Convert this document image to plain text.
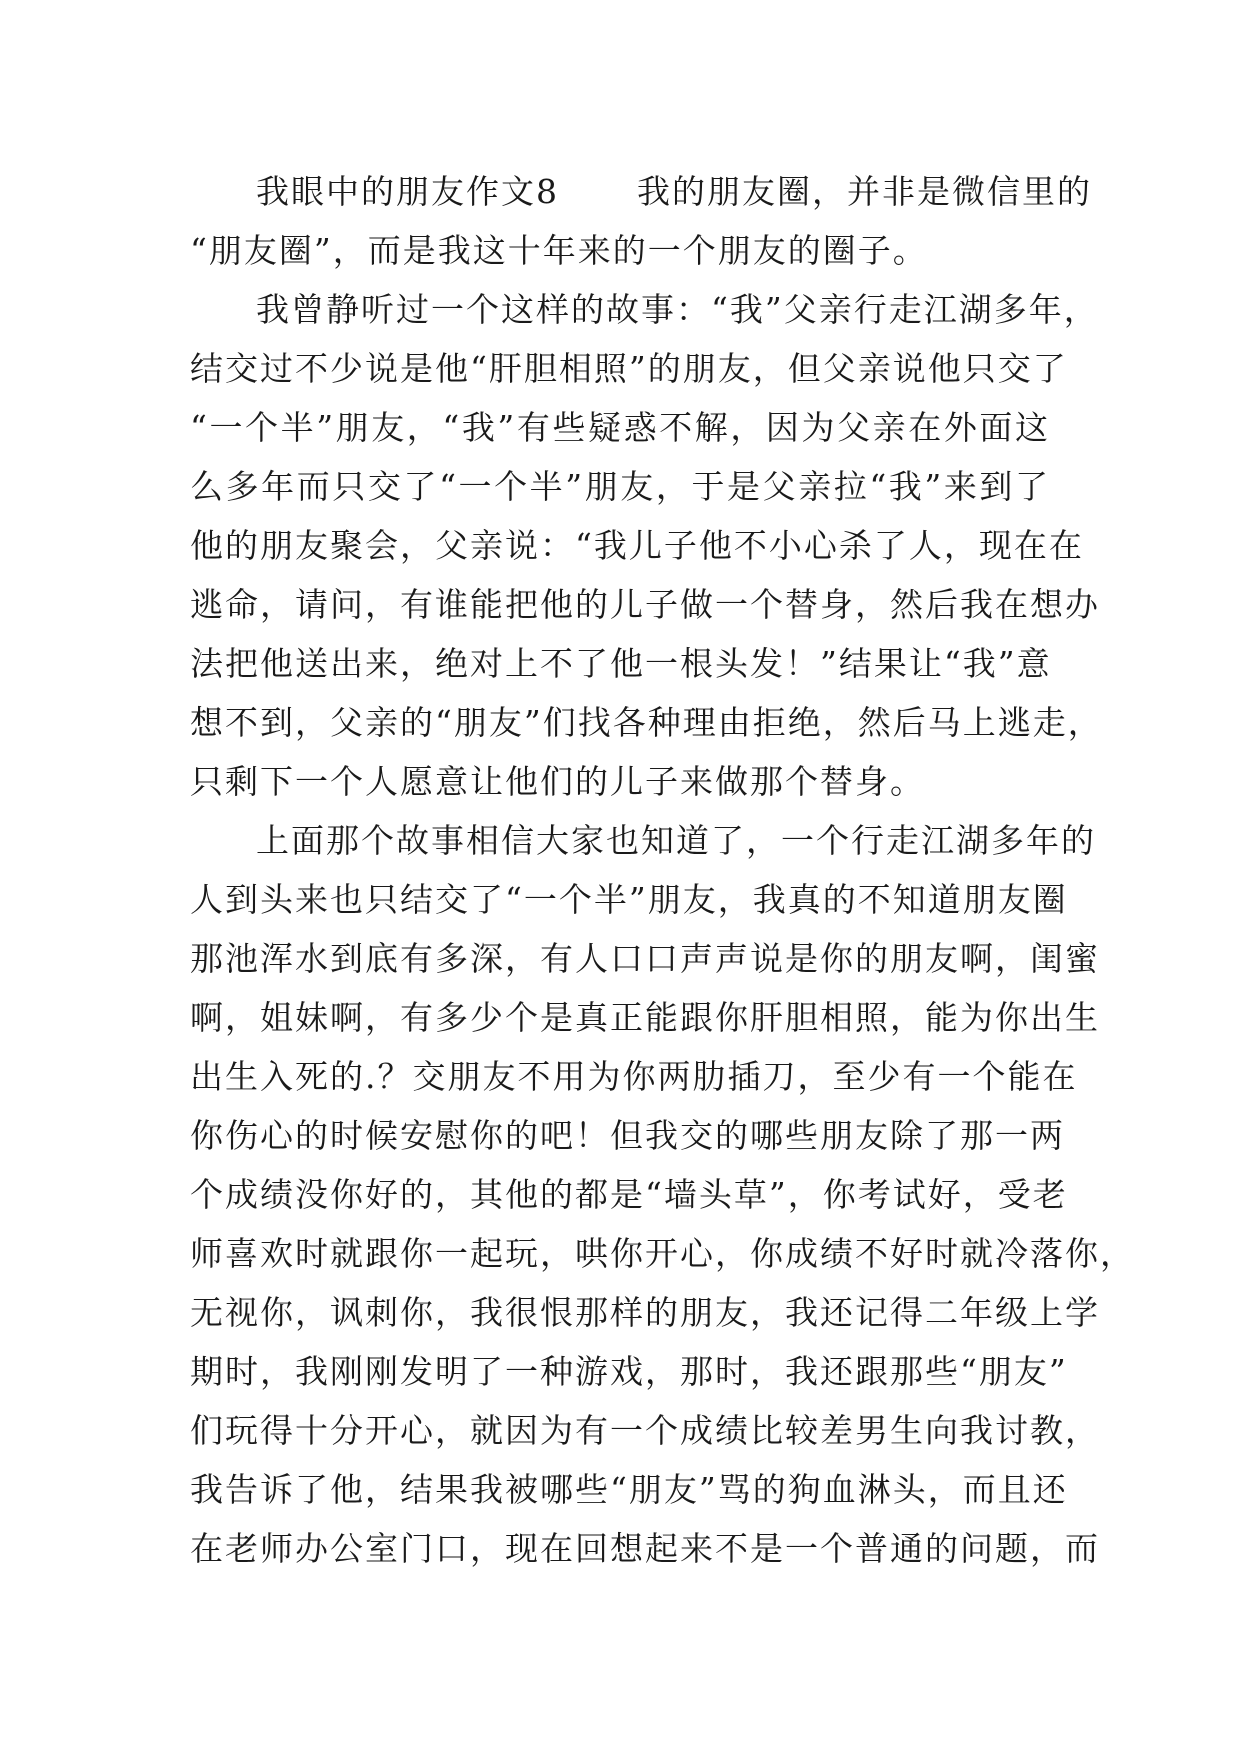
我眼中的朋友作文8 我的朋友圈，并非是微信里的
“朋友圈”，而是我这十年来的一个朋友的圈子。
我曾静听过一个这样的故事：“我”父亲行走江湖多年，
结交过不少说是他“肝胆相照”的朋友，但父亲说他只交了
“一个半”朋友，“我”有些疑惑不解，因为父亲在外面这
么多年而只交了“一个半”朋友，于是父亲拉“我”来到了
他的朋友聚会，父亲说：“我儿子他不小心杀了人，现在在
逃命，请问，有谁能把他的儿子做一个替身，然后我在想办
法把他送出来，绝对上不了他一根头发！”结果让“我”意
想不到，父亲的“朋友”们找各种理由拒绝，然后马上逃走，
只剩下一个人愿意让他们的儿子来做那个替身。
上面那个故事相信大家也知道了，一个行走江湖多年的
人到头来也只结交了“一个半”朋友，我真的不知道朋友圈
那池浑水到底有多深，有人口口声声说是你的朋友啊，闺蜜
啊，姐妹啊，有多少个是真正能跟你肝胆相照，能为你出生
出生入死的.？交朋友不用为你两肋插刀，至少有一个能在
你伤心的时候安慰你的吧！但我交的哪些朋友除了那一两
个成绩没你好的，其他的都是“墙头草”，你考试好，受老
师喜欢时就跟你一起玩，哄你开心，你成绩不好时就冷落你，
无视你，讽刺你，我很恨那样的朋友，我还记得二年级上学
期时，我刚刚发明了一种游戏，那时，我还跟那些“朋友”
们玩得十分开心，就因为有一个成绩比较差男生向我讨教，
我告诉了他，结果我被哪些“朋友”骂的狗血淋头，而且还
在老师办公室门口，现在回想起来不是一个普通的问题，而
